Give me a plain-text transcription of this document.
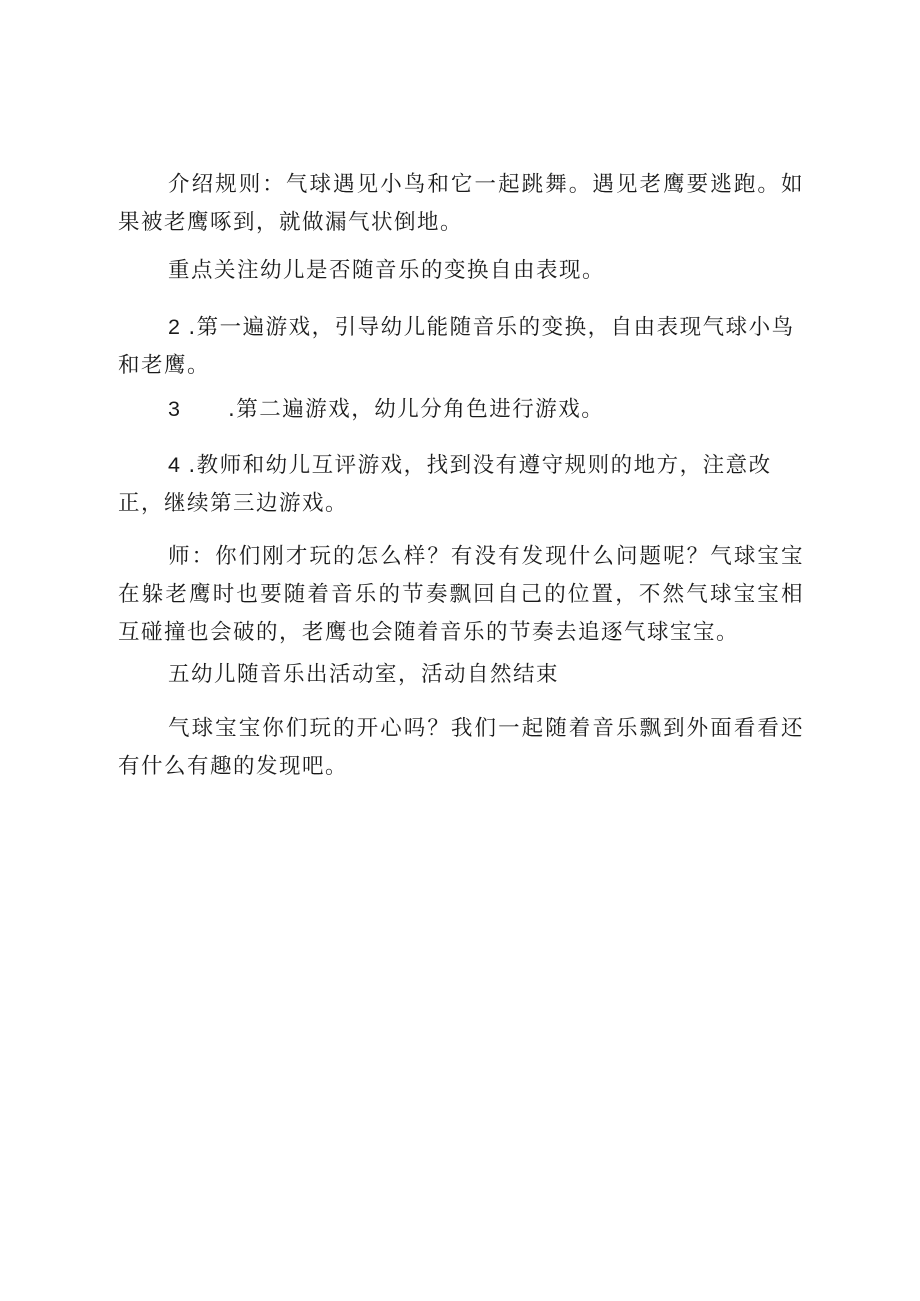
介绍规则：气球遇见小鸟和它一起跳舞。遇见老鹰要逃跑。如果被老鹰啄到，就做漏气状倒地。

重点关注幼儿是否随音乐的变换自由表现。

2 .第一遍游戏，引导幼儿能随音乐的变换，自由表现气球小鸟和老鹰。

3 .第二遍游戏，幼儿分角色进行游戏。

4 .教师和幼儿互评游戏，找到没有遵守规则的地方，注意改正，继续第三边游戏。

师：你们刚才玩的怎么样？有没有发现什么问题呢？气球宝宝在躲老鹰时也要随着音乐的节奏飘回自己的位置，不然气球宝宝相互碰撞也会破的，老鹰也会随着音乐的节奏去追逐气球宝宝。

五幼儿随音乐出活动室，活动自然结束

气球宝宝你们玩的开心吗？我们一起随着音乐飘到外面看看还有什么有趣的发现吧。
